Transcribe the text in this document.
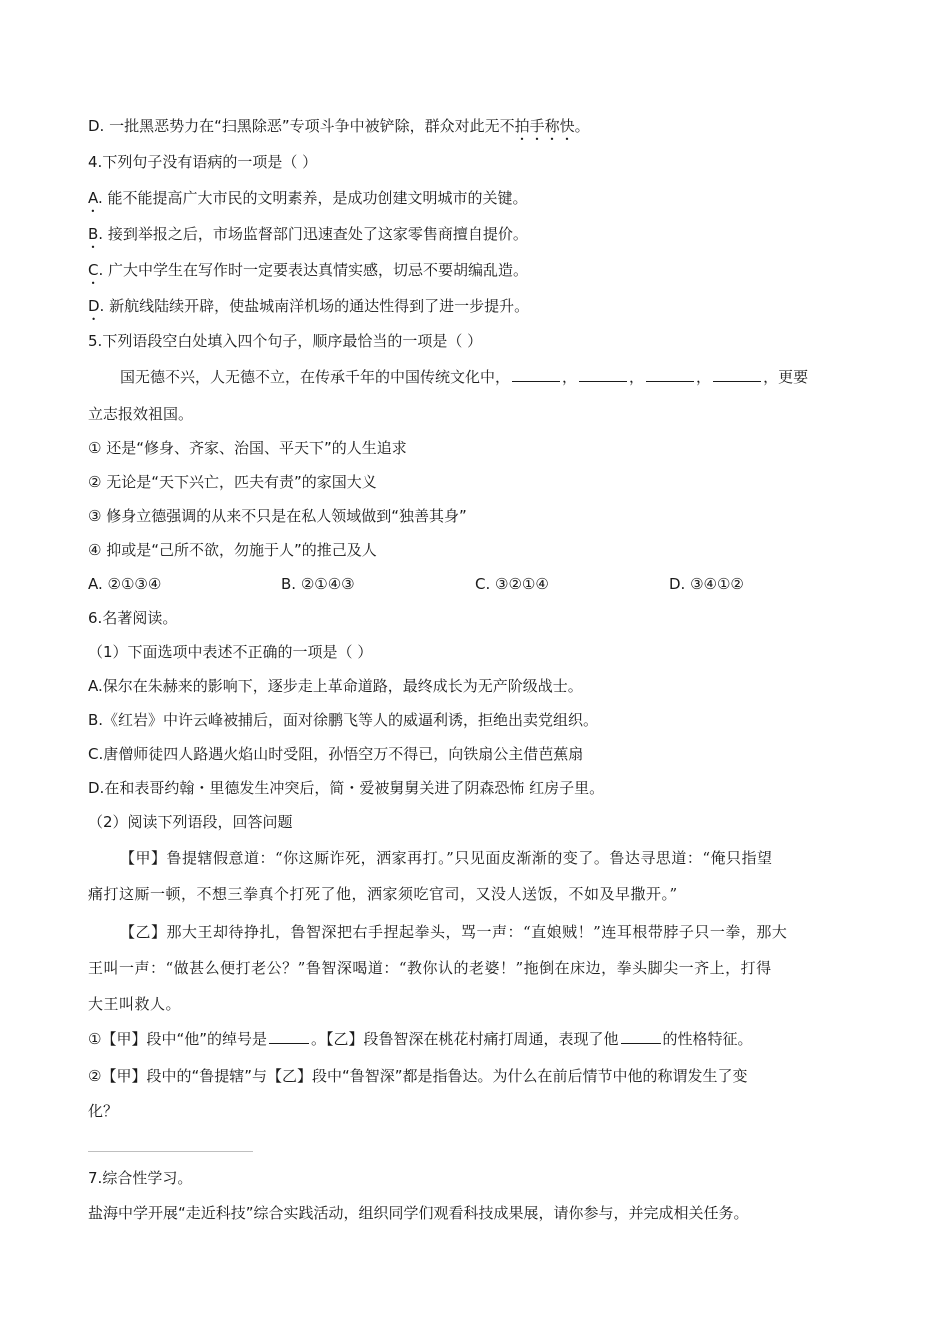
D. 一批黑恶势力在“扫黑除恶”专项斗争中被铲除，群众对此无不拍手称快。
4.下列句子没有语病的一项是（ ）
A. 能不能提高广大市民的文明素养，是成功创建文明城市的关键。
B. 接到举报之后，市场监督部门迅速查处了这家零售商擅自提价。
C. 广大中学生在写作时一定要表达真情实感，切忌不要胡编乱造。
D. 新航线陆续开辟，使盐城南洋机场的通达性得到了进一步提升。
5.下列语段空白处填入四个句子，顺序最恰当的一项是（ ）
国无德不兴，人无德不立，在传承千年的中国传统文化中，	，	，	，	，更要
立志报效祖国。
① 还是“修身、齐家、治国、平天下”的人生追求
② 无论是“天下兴亡，匹夫有责”的家国大义
③ 修身立德强调的从来不只是在私人领域做到“独善其身”
④ 抑或是“己所不欲，勿施于人”的推己及人
A. ②①③④	B. ②①④③	C. ③②①④	D. ③④①②
6.名著阅读。
（1）下面选项中表述不正确的一项是（ ）
A.保尔在朱赫来的影响下，逐步走上革命道路，最终成长为无产阶级战士。
B.《红岩》中许云峰被捕后，面对徐鹏飞等人的威逼利诱，拒绝出卖党组织。
C.唐僧师徒四人路遇火焰山时受阻，孙悟空万不得已，向铁扇公主借芭蕉扇
D.在和表哥约翰・里德发生冲突后，简・爱被舅舅关进了阴森恐怖 红房子里。
（2）阅读下列语段，回答问题
【甲】鲁提辖假意道：“你这厮诈死，洒家再打。”只见面皮渐渐的变了。鲁达寻思道：“俺只指望
痛打这厮一顿，不想三拳真个打死了他，洒家须吃官司，又没人送饭，不如及早撒开。”
【乙】那大王却待挣扎，鲁智深把右手捏起拳头，骂一声：“直娘贼！”连耳根带脖子只一拳，那大
王叫一声：“做甚么便打老公？”鲁智深喝道：“教你认的老婆！”拖倒在床边，拳头脚尖一齐上，打得
大王叫救人。
①【甲】段中“他”的绰号是	。【乙】段鲁智深在桃花村痛打周通，表现了他	的性格特征。
②【甲】段中的“鲁提辖”与【乙】段中“鲁智深”都是指鲁达。为什么在前后情节中他的称谓发生了变
化？
7.综合性学习。
盐海中学开展“走近科技”综合实践活动，组织同学们观看科技成果展，请你参与，并完成相关任务。
